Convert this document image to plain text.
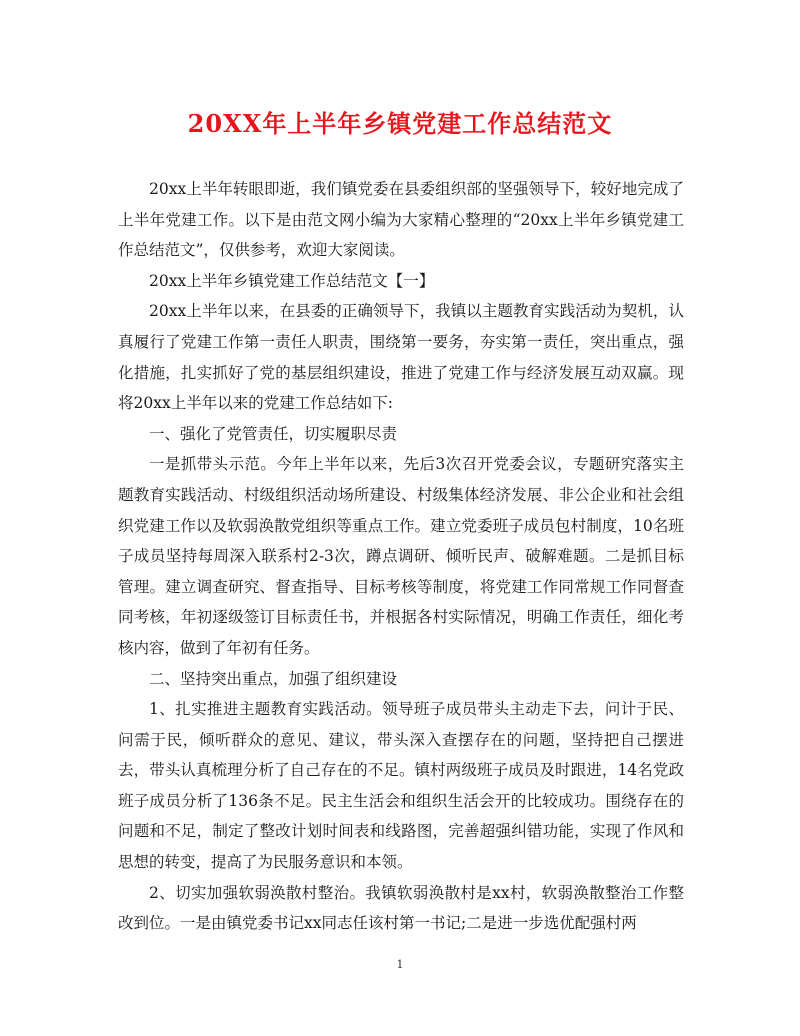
20XX年上半年乡镇党建工作总结范文

20xx上半年转眼即逝，我们镇党委在县委组织部的坚强领导下，较好地完成了上半年党建工作。以下是由范文网小编为大家精心整理的“20xx上半年乡镇党建工作总结范文”，仅供参考，欢迎大家阅读。

20xx上半年乡镇党建工作总结范文【一】

20xx上半年以来，在县委的正确领导下，我镇以主题教育实践活动为契机，认真履行了党建工作第一责任人职责，围绕第一要务，夯实第一责任，突出重点，强化措施，扎实抓好了党的基层组织建设，推进了党建工作与经济发展互动双赢。现将20xx上半年以来的党建工作总结如下:

一、强化了党管责任，切实履职尽责

一是抓带头示范。今年上半年以来，先后3次召开党委会议，专题研究落实主题教育实践活动、村级组织活动场所建设、村级集体经济发展、非公企业和社会组织党建工作以及软弱涣散党组织等重点工作。建立党委班子成员包村制度，10名班子成员坚持每周深入联系村2-3次，蹲点调研、倾听民声、破解难题。二是抓目标管理。建立调查研究、督查指导、目标考核等制度，将党建工作同常规工作同督查同考核，年初逐级签订目标责任书，并根据各村实际情况，明确工作责任，细化考核内容，做到了年初有任务。

二、坚持突出重点，加强了组织建设

1、扎实推进主题教育实践活动。领导班子成员带头主动走下去，问计于民、问需于民，倾听群众的意见、建议，带头深入查摆存在的问题，坚持把自己摆进去，带头认真梳理分析了自己存在的不足。镇村两级班子成员及时跟进，14名党政班子成员分析了136条不足。民主生活会和组织生活会开的比较成功。围绕存在的问题和不足，制定了整改计划时间表和线路图，完善超强纠错功能，实现了作风和思想的转变，提高了为民服务意识和本领。

2、切实加强软弱涣散村整治。我镇软弱涣散村是xx村，软弱涣散整治工作整改到位。一是由镇党委书记xx同志任该村第一书记;二是进一步选优配强村两

1
